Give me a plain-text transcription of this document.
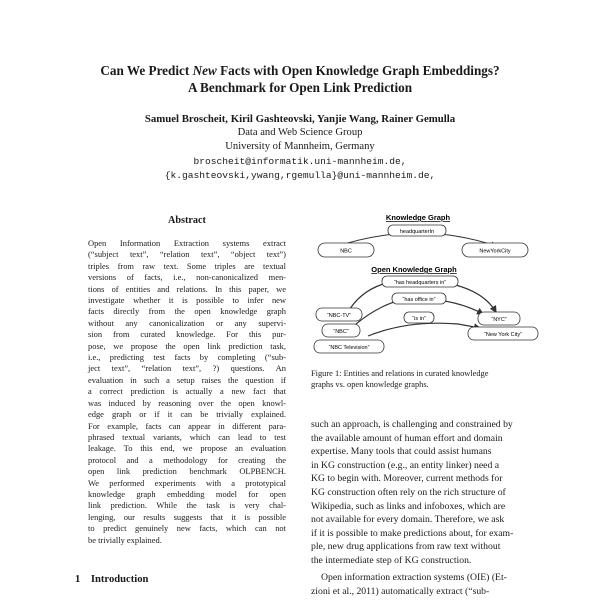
Can We Predict New Facts with Open Knowledge Graph Embeddings?
A Benchmark for Open Link Prediction
Samuel Broscheit, Kiril Gashteovski, Yanjie Wang, Rainer Gemulla
Data and Web Science Group
University of Mannheim, Germany
broscheit@informatik.uni-mannheim.de,
{k.gashteovski,ywang,rgemulla}@uni-mannheim.de,
Abstract
Open Information Extraction systems extract
(“subject text”, “relation text”, “object text”)
triples from raw text. Some triples are textual
versions of facts, i.e., non-canonicalized men-
tions of entities and relations. In this paper, we
investigate whether it is possible to infer new
facts directly from the open knowledge graph
without any canonicalization or any supervi-
sion from curated knowledge. For this pur-
pose, we propose the open link prediction task,
i.e., predicting test facts by completing (“sub-
ject text”, “relation text”, ?) questions. An
evaluation in such a setup raises the question if
a correct prediction is actually a new fact that
was induced by reasoning over the open knowl-
edge graph or if it can be trivially explained.
For example, facts can appear in different para-
phrased textual variants, which can lead to test
leakage. To this end, we propose an evaluation
protocol and a methodology for creating the
open link prediction benchmark OLPBENCH.
We performed experiments with a prototypical
knowledge graph embedding model for open
link prediction. While the task is very chal-
lenging, our results suggests that it is possible
to predict genuinely new facts, which can not
be trivially explained.
1 Introduction
Knowledge Graph
headquarterIn
NBC	NewYorkCity
Open Knowledge Graph
“has headquarters in”
“has office in”
“is in”
“NBC-TV”
“NBC”
“NBC Television”
“NYC”
“New York City”
Figure 1: Entities and relations in curated knowledge
graphs vs. open knowledge graphs.
such an approach, is challenging and constrained by
the available amount of human effort and domain
expertise. Many tools that could assist humans
in KG construction (e.g., an entity linker) need a
KG to begin with. Moreover, current methods for
KG construction often rely on the rich structure of
Wikipedia, such as links and infoboxes, which are
not available for every domain. Therefore, we ask
if it is possible to make predictions about, for exam-
ple, new drug applications from raw text without
the intermediate step of KG construction.
Open information extraction systems (OIE) (Et-
zioni et al., 2011) automatically extract (“sub-
